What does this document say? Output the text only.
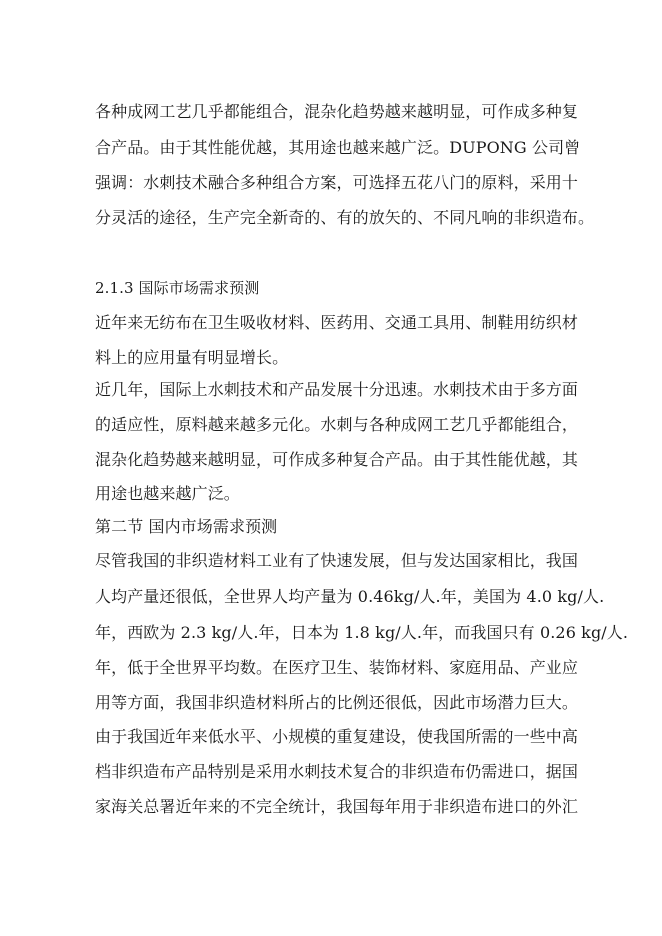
各种成网工艺几乎都能组合，混杂化趋势越来越明显，可作成多种复
合产品。由于其性能优越，其用途也越来越广泛。DUPONG 公司曾
强调：水刺技术融合多种组合方案，可选择五花八门的原料，采用十
分灵活的途径，生产完全新奇的、有的放矢的、不同凡响的非织造布。
2.1.3 国际市场需求预测
近年来无纺布在卫生吸收材料、医药用、交通工具用、制鞋用纺织材
料上的应用量有明显增长。
近几年，国际上水刺技术和产品发展十分迅速。水刺技术由于多方面
的适应性，原料越来越多元化。水刺与各种成网工艺几乎都能组合，
混杂化趋势越来越明显，可作成多种复合产品。由于其性能优越，其
用途也越来越广泛。
第二节 国内市场需求预测
尽管我国的非织造材料工业有了快速发展，但与发达国家相比，我国
人均产量还很低，全世界人均产量为 0.46kg/人.年，美国为 4.0 kg/人.
年，西欧为 2.3 kg/人.年，日本为 1.8 kg/人.年，而我国只有 0.26 kg/人.
年，低于全世界平均数。在医疗卫生、装饰材料、家庭用品、产业应
用等方面，我国非织造材料所占的比例还很低，因此市场潜力巨大。
由于我国近年来低水平、小规模的重复建设，使我国所需的一些中高
档非织造布产品特别是采用水刺技术复合的非织造布仍需进口，据国
家海关总署近年来的不完全统计，我国每年用于非织造布进口的外汇
